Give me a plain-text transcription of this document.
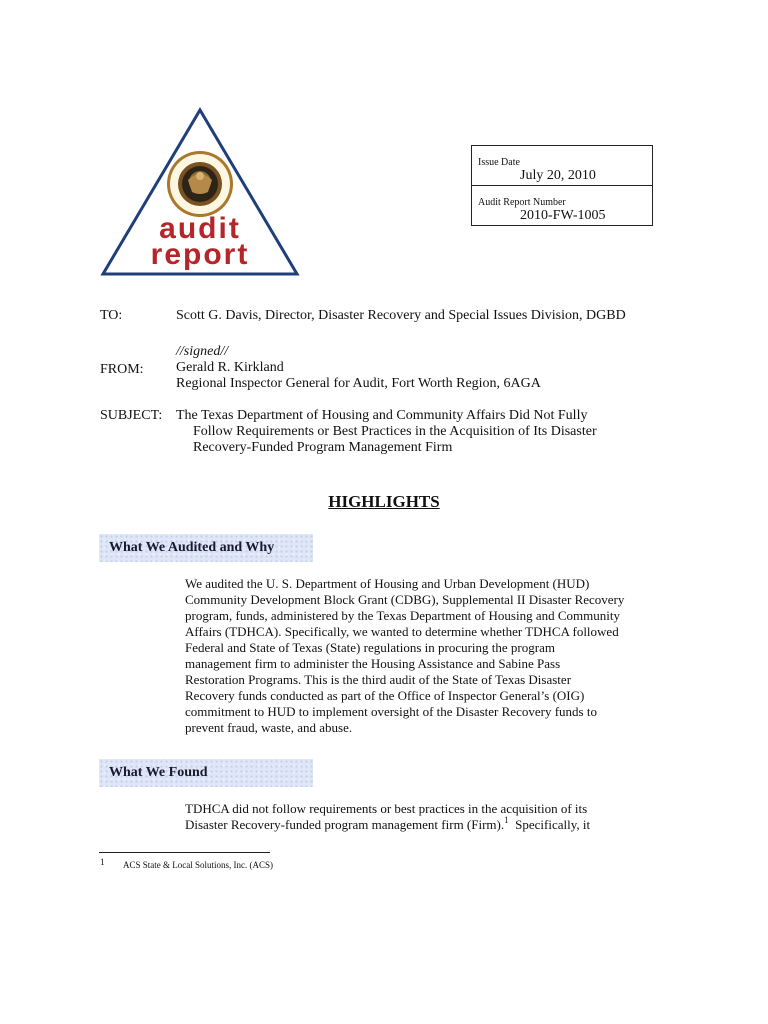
audit
report
Issue Date
July 20, 2010
Audit Report Number
2010-FW-1005
TO:	Scott G. Davis, Director, Disaster Recovery and Special Issues Division, DGBD
//signed//
FROM: Gerald R. Kirkland
Regional Inspector General for Audit, Fort Worth Region, 6AGA
SUBJECT: The Texas Department of Housing and Community Affairs Did Not Fully
Follow Requirements or Best Practices in the Acquisition of Its Disaster
Recovery-Funded Program Management Firm
HIGHLIGHTS
What We Audited and Why
We audited the U. S. Department of Housing and Urban Development (HUD)
Community Development Block Grant (CDBG), Supplemental II Disaster Recovery
program, funds, administered by the Texas Department of Housing and Community
Affairs (TDHCA). Specifically, we wanted to determine whether TDHCA followed
Federal and State of Texas (State) regulations in procuring the program
management firm to administer the Housing Assistance and Sabine Pass
Restoration Programs. This is the third audit of the State of Texas Disaster
Recovery funds conducted as part of the Office of Inspector General’s (OIG)
commitment to HUD to implement oversight of the Disaster Recovery funds to
prevent fraud, waste, and abuse.
What We Found
TDHCA did not follow requirements or best practices in the acquisition of its
Disaster Recovery-funded program management firm (Firm).$^1$  Specifically, it
1 ACS State & Local Solutions, Inc. (ACS)
